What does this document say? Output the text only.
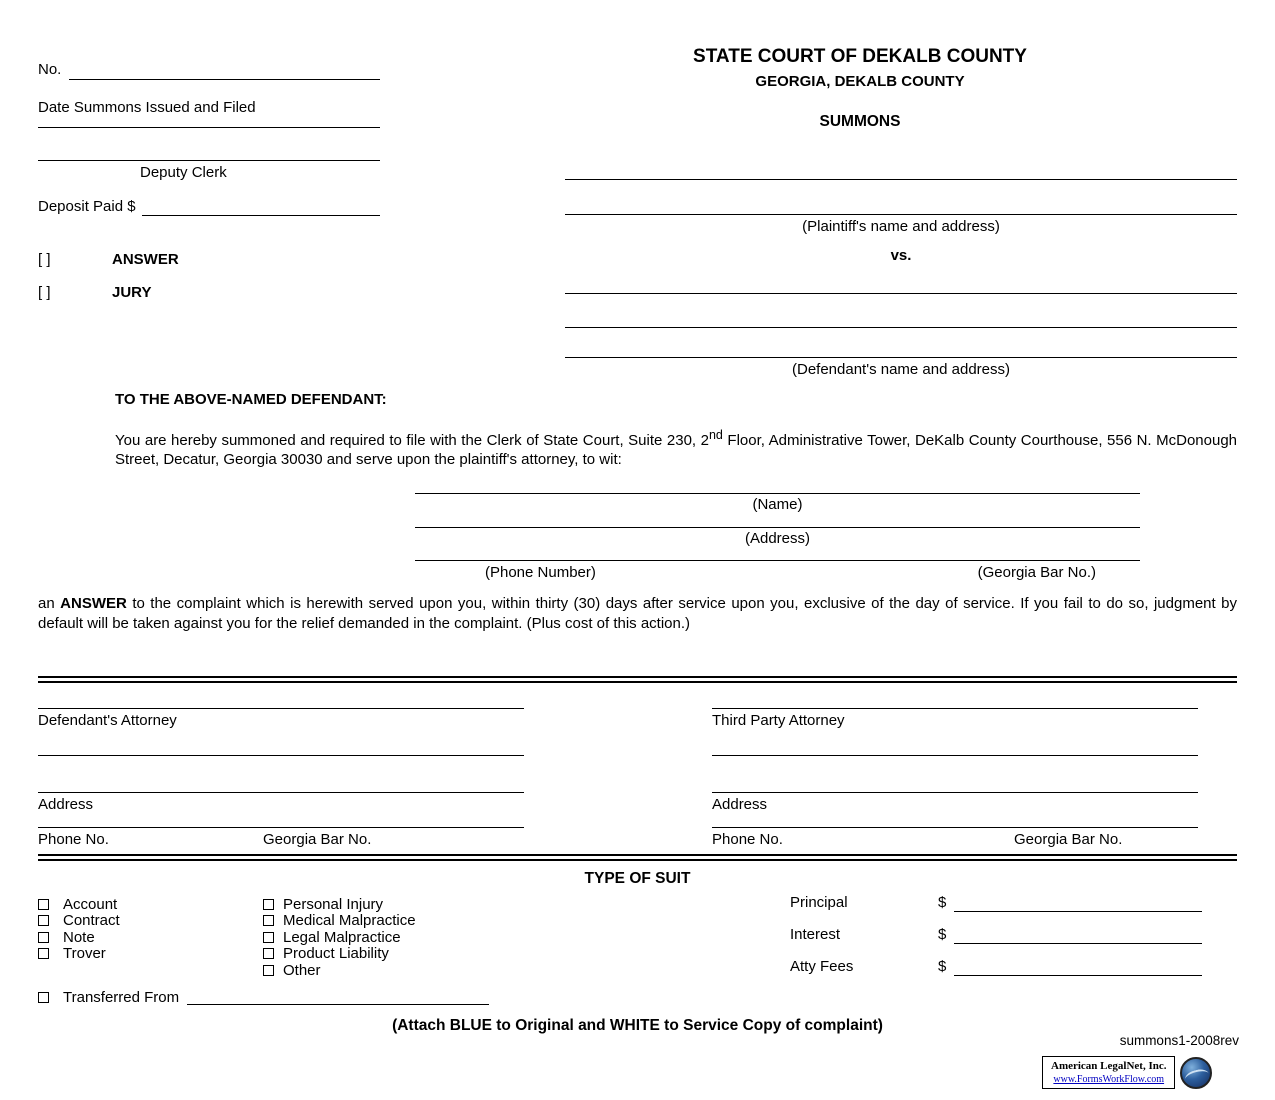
No.
Date Summons Issued and Filed
Deputy Clerk
Deposit Paid $
[ ]	ANSWER
[ ]	JURY
STATE COURT OF DEKALB COUNTY
GEORGIA, DEKALB COUNTY
SUMMONS
(Plaintiff's name and address)
vs.
(Defendant's name and address)
TO THE ABOVE-NAMED DEFENDANT:

You are hereby summoned and required to file with the Clerk of State Court, Suite 230, 2nd Floor, Administrative Tower, DeKalb County Courthouse, 556 N. McDonough Street, Decatur, Georgia 30030 and serve upon the plaintiff's attorney, to wit:

(Name)
(Address)
(Phone Number)	(Georgia Bar No.)

an ANSWER to the complaint which is herewith served upon you, within thirty (30) days after service upon you, exclusive of the day of service. If you fail to do so, judgment by default will be taken against you for the relief demanded in the complaint. (Plus cost of this action.)

Defendant's Attorney
Address
Phone No.	Georgia Bar No.
Third Party Attorney
Address
Phone No.	Georgia Bar No.
TYPE OF SUIT
Account
Contract
Note
Trover
Personal Injury
Medical Malpractice
Legal Malpractice
Product Liability
Other
Principal	$
Interest	$
Atty Fees	$
Transferred From
(Attach BLUE to Original and WHITE to Service Copy of complaint)
summons1-2008rev
American LegalNet, Inc.
www.FormsWorkFlow.com
